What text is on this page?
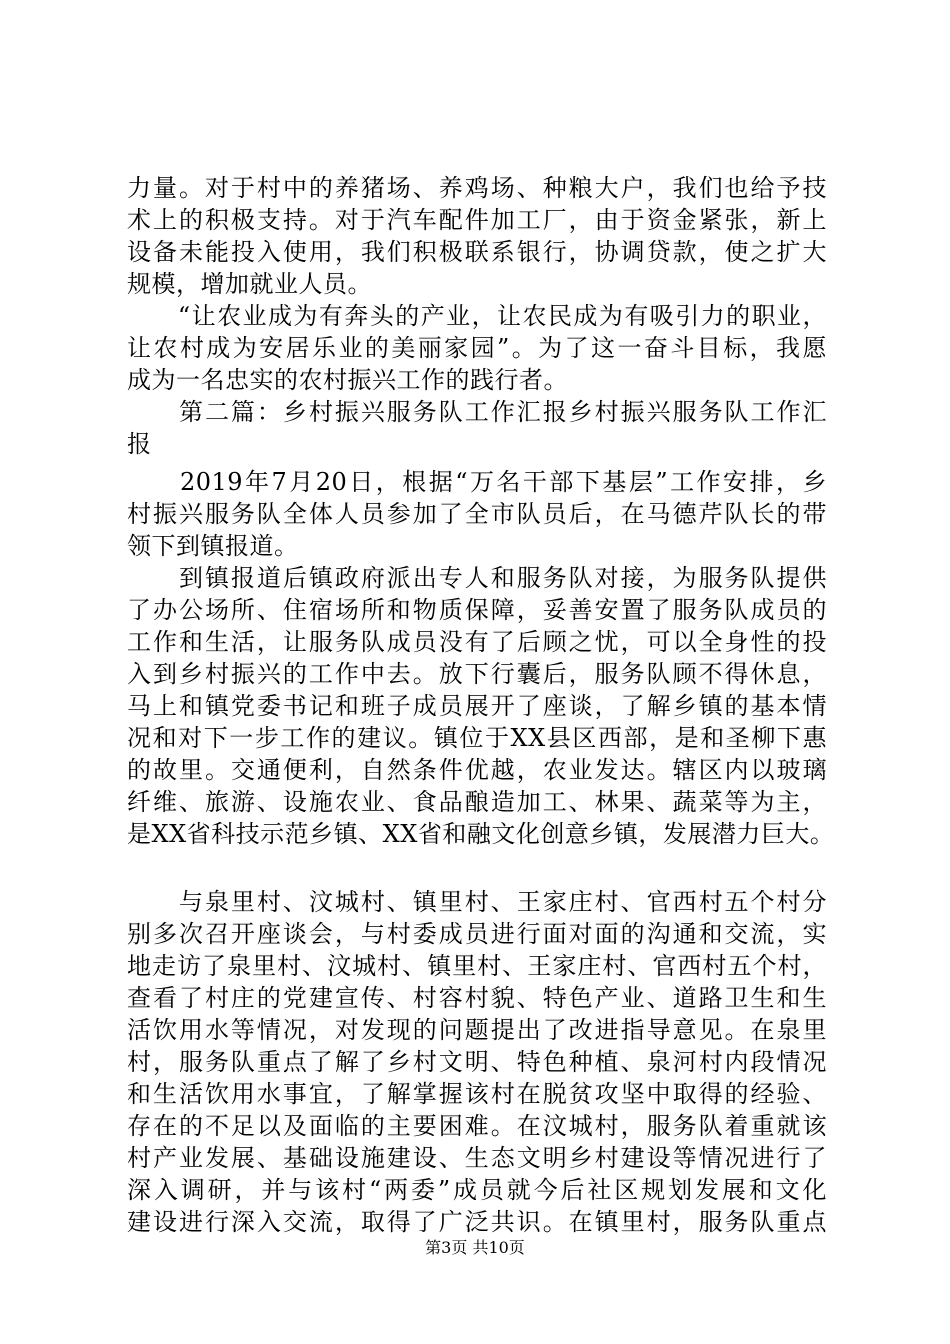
力量。对于村中的养猪场、养鸡场、种粮大户，我们也给予技
术上的积极支持。对于汽车配件加工厂，由于资金紧张，新上
设备未能投入使用，我们积极联系银行，协调贷款，使之扩大
规模，增加就业人员。
　　“让农业成为有奔头的产业，让农民成为有吸引力的职业，
让农村成为安居乐业的美丽家园”。为了这一奋斗目标，我愿
成为一名忠实的农村振兴工作的践行者。
　　第二篇：乡村振兴服务队工作汇报乡村振兴服务队工作汇
报
　　2019年7月20日，根据“万名干部下基层”工作安排，乡
村振兴服务队全体人员参加了全市队员后，在马德芹队长的带
领下到镇报道。
　　到镇报道后镇政府派出专人和服务队对接，为服务队提供
了办公场所、住宿场所和物质保障，妥善安置了服务队成员的
工作和生活，让服务队成员没有了后顾之忧，可以全身性的投
入到乡村振兴的工作中去。放下行囊后，服务队顾不得休息，
马上和镇党委书记和班子成员展开了座谈，了解乡镇的基本情
况和对下一步工作的建议。镇位于XX县区西部，是和圣柳下惠
的故里。交通便利，自然条件优越，农业发达。辖区内以玻璃
纤维、旅游、设施农业、食品酿造加工、林果、蔬菜等为主，
是XX省科技示范乡镇、XX省和融文化创意乡镇，发展潜力巨大。
　　与泉里村、汶城村、镇里村、王家庄村、官西村五个村分
别多次召开座谈会，与村委成员进行面对面的沟通和交流，实
地走访了泉里村、汶城村、镇里村、王家庄村、官西村五个村，
查看了村庄的党建宣传、村容村貌、特色产业、道路卫生和生
活饮用水等情况，对发现的问题提出了改进指导意见。在泉里
村，服务队重点了解了乡村文明、特色种植、泉河村内段情况
和生活饮用水事宜，了解掌握该村在脱贫攻坚中取得的经验、
存在的不足以及面临的主要困难。在汶城村，服务队着重就该
村产业发展、基础设施建设、生态文明乡村建设等情况进行了
深入调研，并与该村“两委”成员就今后社区规划发展和文化
建设进行深入交流，取得了广泛共识。在镇里村，服务队重点
第3页 共10页
